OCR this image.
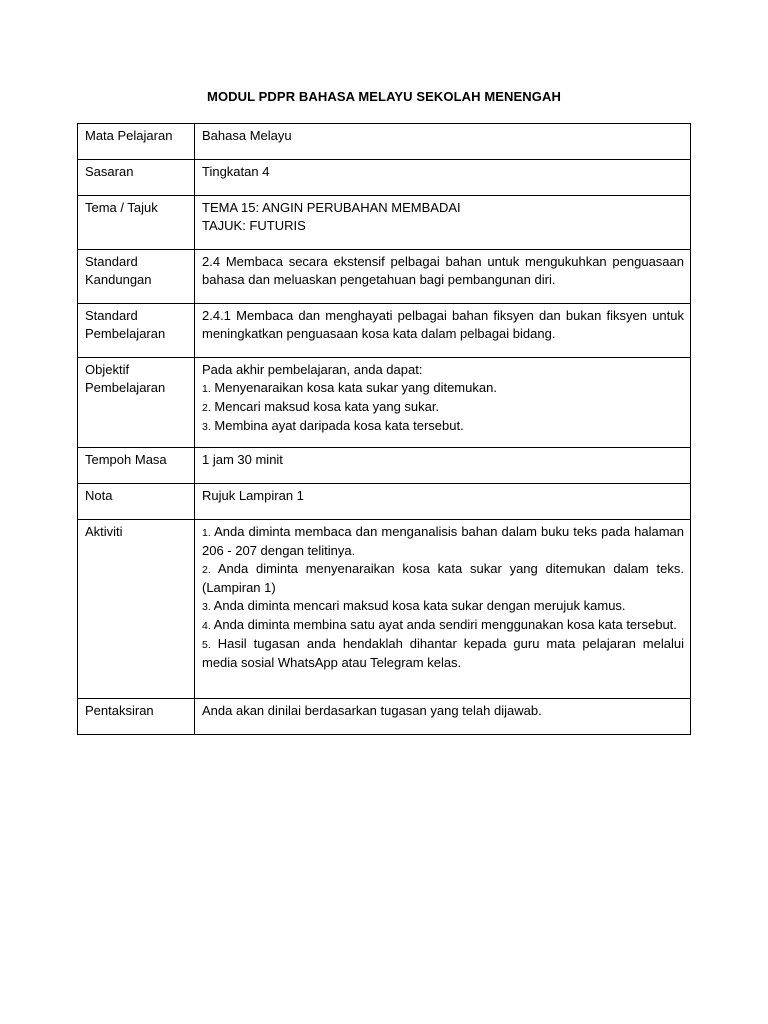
MODUL PDPR BAHASA MELAYU SEKOLAH MENENGAH
Mata Pelajaran	Bahasa Melayu
Sasaran	Tingkatan 4
Tema / Tajuk	TEMA 15: ANGIN PERUBAHAN MEMBADAI
TAJUK: FUTURIS

Standard
Kandungan	2.4 Membaca secara ekstensif pelbagai bahan untuk mengukuhkan penguasaan bahasa dan meluaskan pengetahuan bagi pembangunan diri.

Standard
Pembelajaran	2.4.1 Membaca dan menghayati pelbagai bahan fiksyen dan bukan fiksyen untuk meningkatkan penguasaan kosa kata dalam pelbagai bidang.

Objektif
Pembelajaran	Pada akhir pembelajaran, anda dapat:
1. Menyenaraikan kosa kata sukar yang ditemukan.
2. Mencari maksud kosa kata yang sukar.
3. Membina ayat daripada kosa kata tersebut.

Tempoh Masa	1 jam 30 minit
Nota	Rujuk Lampiran 1
Aktiviti	1. Anda diminta membaca dan menganalisis bahan dalam buku teks pada halaman 206 - 207 dengan telitinya.
2. Anda diminta menyenaraikan kosa kata sukar yang ditemukan dalam teks. (Lampiran 1)
3. Anda diminta mencari maksud kosa kata sukar dengan merujuk kamus.
4. Anda diminta membina satu ayat anda sendiri menggunakan kosa kata tersebut.
5. Hasil tugasan anda hendaklah dihantar kepada guru mata pelajaran melalui media sosial WhatsApp atau Telegram kelas.

Pentaksiran	Anda akan dinilai berdasarkan tugasan yang telah dijawab.
